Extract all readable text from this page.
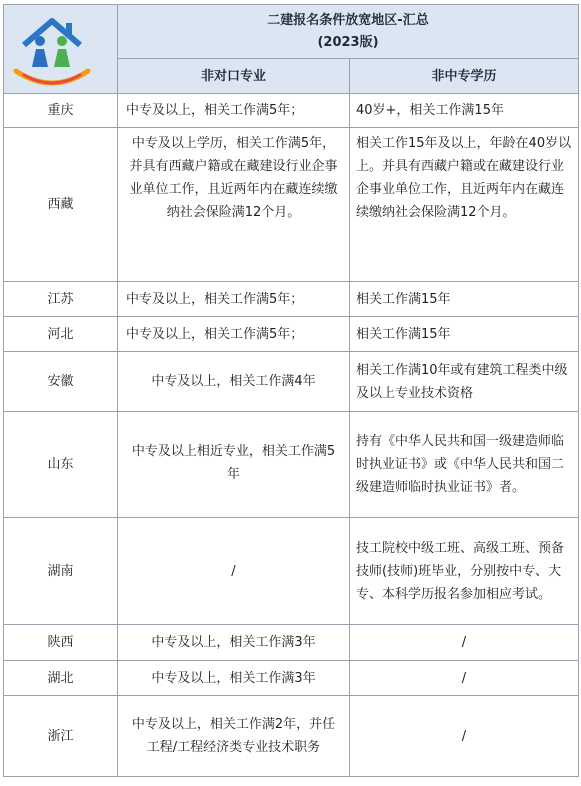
二建报名条件放宽地区-汇总
(2023版)	

	非对口专业	非中专学历
重庆	中专及以上，相关工作满5年；	40岁+，相关工作满15年
西藏	中专及以上学历，相关工作满5年，并具有西藏户籍或在藏建设行业企事业单位工作，且近两年内在藏连续缴纳社会保险满12个月。	相关工作15年及以上，年龄在40岁以上。并具有西藏户籍或在藏建设行业企事业单位工作，且近两年内在藏连续缴纳社会保险满12个月。
江苏	中专及以上，相关工作满5年；	相关工作满15年
河北	中专及以上，相关工作满5年；	相关工作满15年
安徽	中专及以上，相关工作满4年	相关工作满10年或有建筑工程类中级及以上专业技术资格
山东	中专及以上相近专业，相关工作满5年	持有《中华人民共和国一级建造师临时执业证书》或《中华人民共和国二级建造师临时执业证书》者。
湖南	/	技工院校中级工班、高级工班、预备技师(技师)班毕业，分别按中专、大专、本科学历报名参加相应考试。
陕西	中专及以上，相关工作满3年	/
湖北	中专及以上，相关工作满3年	/
浙江	中专及以上，相关工作满2年，并任工程/工程经济类专业技术职务	/
